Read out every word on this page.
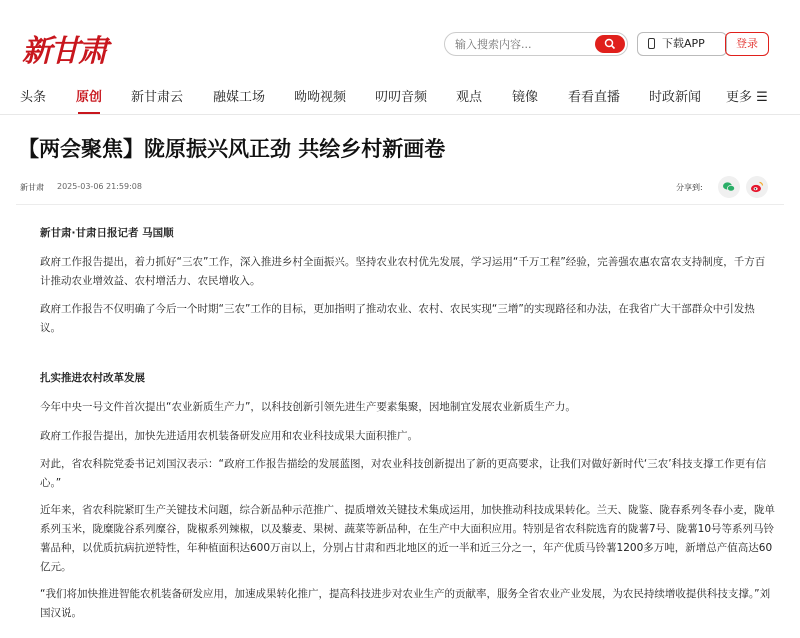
新甘肃
输入搜索内容...	下载APP	登录
头条 原创 新甘肃云 融媒工场 呦呦视频 叨叨音频 观点 镜像 看看直播 时政新闻 更多 ☰
【两会聚焦】陇原振兴风正劲 共绘乡村新画卷
新甘肃 2025-03-06 21:59:08	分享到:
新甘肃·甘肃日报记者 马国顺
政府工作报告提出，着力抓好“三农”工作，深入推进乡村全面振兴。坚持农业农村优先发展，学习运用“千万工程”经验，完善强农惠农富农支持制度，千方百计推动农业增效益、农村增活力、农民增收入。
政府工作报告不仅明确了今后一个时期“三农”工作的目标，更加指明了推动农业、农村、农民实现“三增”的实现路径和办法，在我省广大干部群众中引发热议。
扎实推进农村改革发展
今年中央一号文件首次提出“农业新质生产力”，以科技创新引领先进生产要素集聚，因地制宜发展农业新质生产力。
政府工作报告提出，加快先进适用农机装备研发应用和农业科技成果大面积推广。
对此，省农科院党委书记刘国汉表示：“政府工作报告描绘的发展蓝图，对农业科技创新提出了新的更高要求，让我们对做好新时代‘三农’科技支撑工作更有信心。”
近年来，省农科院紧盯生产关键技术问题，综合新品种示范推广、提质增效关键技术集成运用，加快推动科技成果转化。兰天、陇鉴、陇春系列冬春小麦，陇单系列玉米，陇糜陇谷系列糜谷，陇椒系列辣椒，以及藜麦、果树、蔬菜等新品种，在生产中大面积应用。特别是省农科院选育的陇薯7号、陇薯10号等系列马铃薯品种，以优质抗病抗逆特性，年种植面积达600万亩以上，分别占甘肃和西北地区的近一半和近三分之一，年产优质马铃薯1200多万吨，新增总产值高达60亿元。
“我们将加快推进智能农机装备研发应用，加速成果转化推广，提高科技进步对农业生产的贡献率，服务全省农业产业发展，为农民持续增收提供科技支撑。”刘国汉说。
